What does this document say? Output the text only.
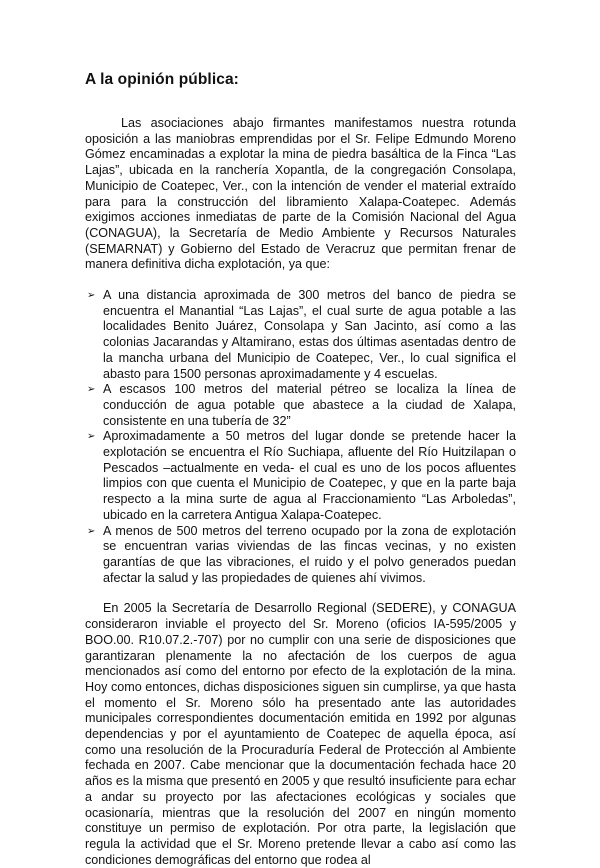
A la opinión pública:

Las asociaciones abajo firmantes manifestamos nuestra rotunda oposición a las maniobras emprendidas por el Sr. Felipe Edmundo Moreno Gómez encaminadas a explotar la mina de piedra basáltica de la Finca “Las Lajas”, ubicada en la ranchería Xopantla, de la congregación Consolapa, Municipio de Coatepec, Ver., con la intención de vender el material extraído para para la construcción del libramiento Xalapa-Coatepec. Además exigimos acciones inmediatas de parte de la Comisión Nacional del Agua (CONAGUA), la Secretaría de Medio Ambiente y Recursos Naturales (SEMARNAT) y Gobierno del Estado de Veracruz que permitan frenar de manera definitiva dicha explotación, ya que:

➢ A una distancia aproximada de 300 metros del banco de piedra se encuentra el Manantial “Las Lajas”, el cual surte de agua potable a las localidades Benito Juárez, Consolapa y San Jacinto, así como a las colonias Jacarandas y Altamirano, estas dos últimas asentadas dentro de la mancha urbana del Municipio de Coatepec, Ver., lo cual significa el abasto para 1500 personas aproximadamente y 4 escuelas.
➢ A escasos 100 metros del material pétreo se localiza la línea de conducción de agua potable que abastece a la ciudad de Xalapa, consistente en una tubería de 32”
➢ Aproximadamente a 50 metros del lugar donde se pretende hacer la explotación se encuentra el Río Suchiapa, afluente del Río Huitzilapan o Pescados –actualmente en veda- el cual es uno de los pocos afluentes limpios con que cuenta el Municipio de Coatepec, y que en la parte baja respecto a la mina surte de agua al Fraccionamiento “Las Arboledas”, ubicado en la carretera Antigua Xalapa-Coatepec.
➢ A menos de 500 metros del terreno ocupado por la zona de explotación se encuentran varias viviendas de las fincas vecinas, y no existen garantías de que las vibraciones, el ruido y el polvo generados puedan afectar la salud y las propiedades de quienes ahí vivimos.

En 2005 la Secretaría de Desarrollo Regional (SEDERE), y CONAGUA consideraron inviable el proyecto del Sr. Moreno (oficios IA-595/2005 y BOO.00. R10.07.2.-707) por no cumplir con una serie de disposiciones que garantizaran plenamente la no afectación de los cuerpos de agua mencionados así como del entorno por efecto de la explotación de la mina. Hoy como entonces, dichas disposiciones siguen sin cumplirse, ya que hasta el momento el Sr. Moreno sólo ha presentado ante las autoridades municipales correspondientes documentación emitida en 1992 por algunas dependencias y por el ayuntamiento de Coatepec de aquella época, así como una resolución de la Procuraduría Federal de Protección al Ambiente fechada en 2007. Cabe mencionar que la documentación fechada hace 20 años es la misma que presentó en 2005 y que resultó insuficiente para echar a andar su proyecto por las afectaciones ecológicas y sociales que ocasionaría, mientras que la resolución del 2007 en ningún momento constituye un permiso de explotación. Por otra parte, la legislación que regula la actividad que el Sr. Moreno pretende llevar a cabo así como las condiciones demográficas del entorno que rodea al
